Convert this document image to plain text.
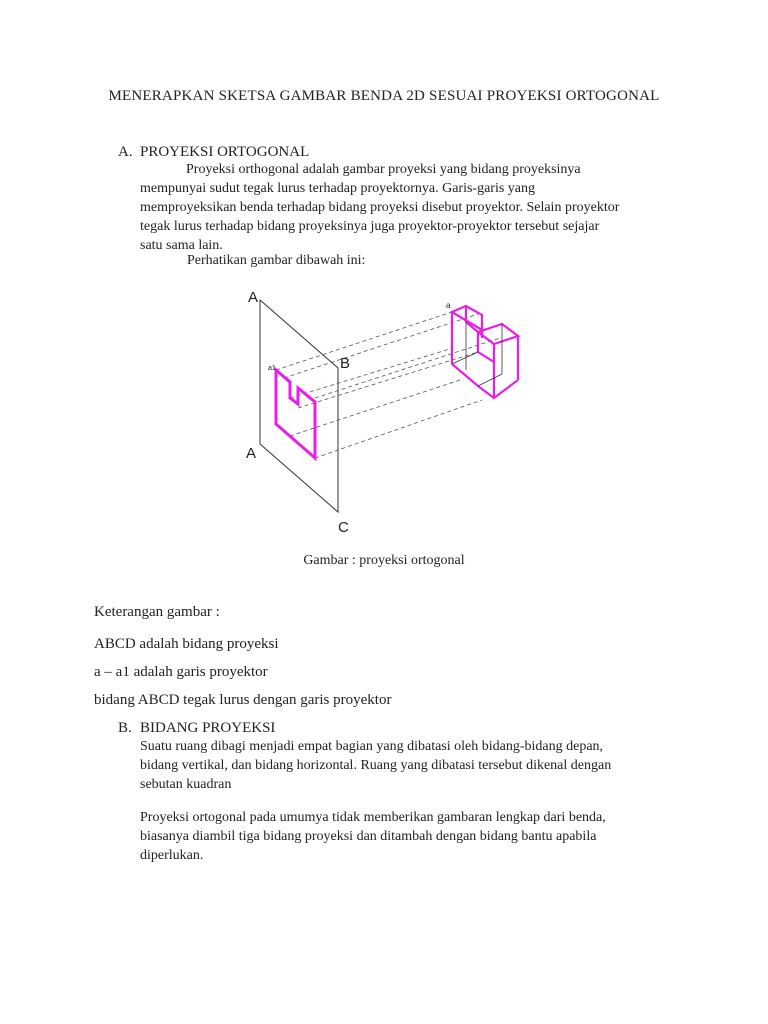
MENERAPKAN SKETSA GAMBAR BENDA 2D SESUAI PROYEKSI ORTOGONAL
A. PROYEKSI ORTOGONAL
Proyeksi orthogonal adalah gambar proyeksi yang bidang proyeksinya
mempunyai sudut tegak lurus terhadap proyektornya. Garis-garis yang
memproyeksikan benda terhadap bidang proyeksi disebut proyektor. Selain proyektor
tegak lurus terhadap bidang proyeksinya juga proyektor-proyektor tersebut sejajar
satu sama lain.
Perhatikan gambar dibawah ini:
A
B
A
C
a
a1
Gambar : proyeksi ortogonal
Keterangan gambar :
ABCD adalah bidang proyeksi
a – a1 adalah garis proyektor
bidang ABCD tegak lurus dengan garis proyektor
B. BIDANG PROYEKSI
Suatu ruang dibagi menjadi empat bagian yang dibatasi oleh bidang-bidang depan,
bidang vertikal, dan bidang horizontal. Ruang yang dibatasi tersebut dikenal dengan
sebutan kuadran
Proyeksi ortogonal pada umumya tidak memberikan gambaran lengkap dari benda,
biasanya diambil tiga bidang proyeksi dan ditambah dengan bidang bantu apabila
diperlukan.
